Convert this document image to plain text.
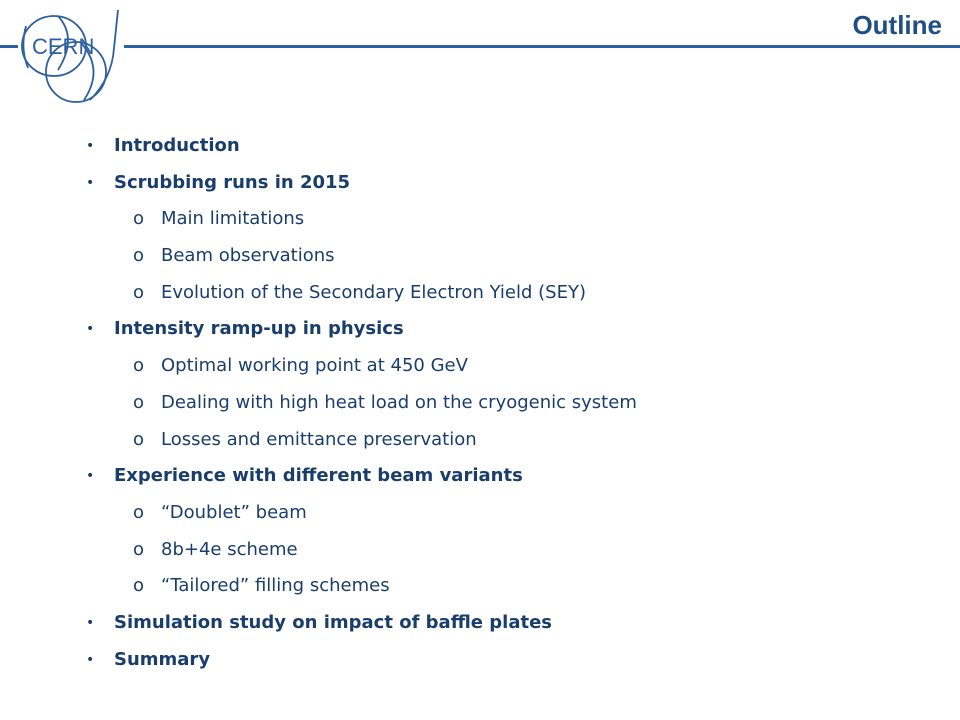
CERN
Outline
• Introduction
• Scrubbing runs in 2015
o Main limitations
o Beam observations
o Evolution of the Secondary Electron Yield (SEY)
• Intensity ramp-up in physics
o Optimal working point at 450 GeV
o Dealing with high heat load on the cryogenic system
o Losses and emittance preservation
• Experience with different beam variants
o “Doublet” beam
o 8b+4e scheme
o “Tailored” filling schemes
• Simulation study on impact of baffle plates
• Summary
